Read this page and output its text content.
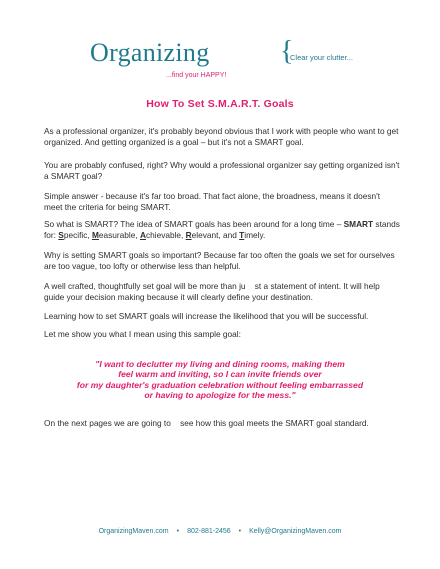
Organizing	{
Clear your clutter...
...find your HAPPY!
How To Set S.M.A.R.T. Goals
As a professional organizer, it's probably beyond obvious that I work with people who want to get organized. And getting organized is a goal – but it's not a SMART goal.
You are probably confused, right? Why would a professional organizer say getting organized isn't a SMART goal?
Simple answer - because it's far too broad. That fact alone, the broadness, means it doesn't meet the criteria for being SMART.
So what is SMART? The idea of SMART goals has been around for a long time – SMART stands for: Specific, Measurable, Achievable, Relevant, and Timely.
Why is setting SMART goals so important? Because far too often the goals we set for ourselves are too vague, too lofty or otherwise less than helpful.
A well crafted, thoughtfully set goal will be more than ju    st a statement of intent. It will help guide your decision making because it will clearly define your destination.
Learning how to set SMART goals will increase the likelihood that you will be successful.
Let me show you what I mean using this sample goal:
"I want to declutter my living and dining rooms, making them
feel warm and inviting, so I can invite friends over
for my daughter's graduation celebration without feeling embarrassed
or having to apologize for the mess."
On the next pages we are going to    see how this goal meets the SMART goal standard.
OrganizingMaven.com • 802-881-2456 • Kelly@OrganizingMaven.com
